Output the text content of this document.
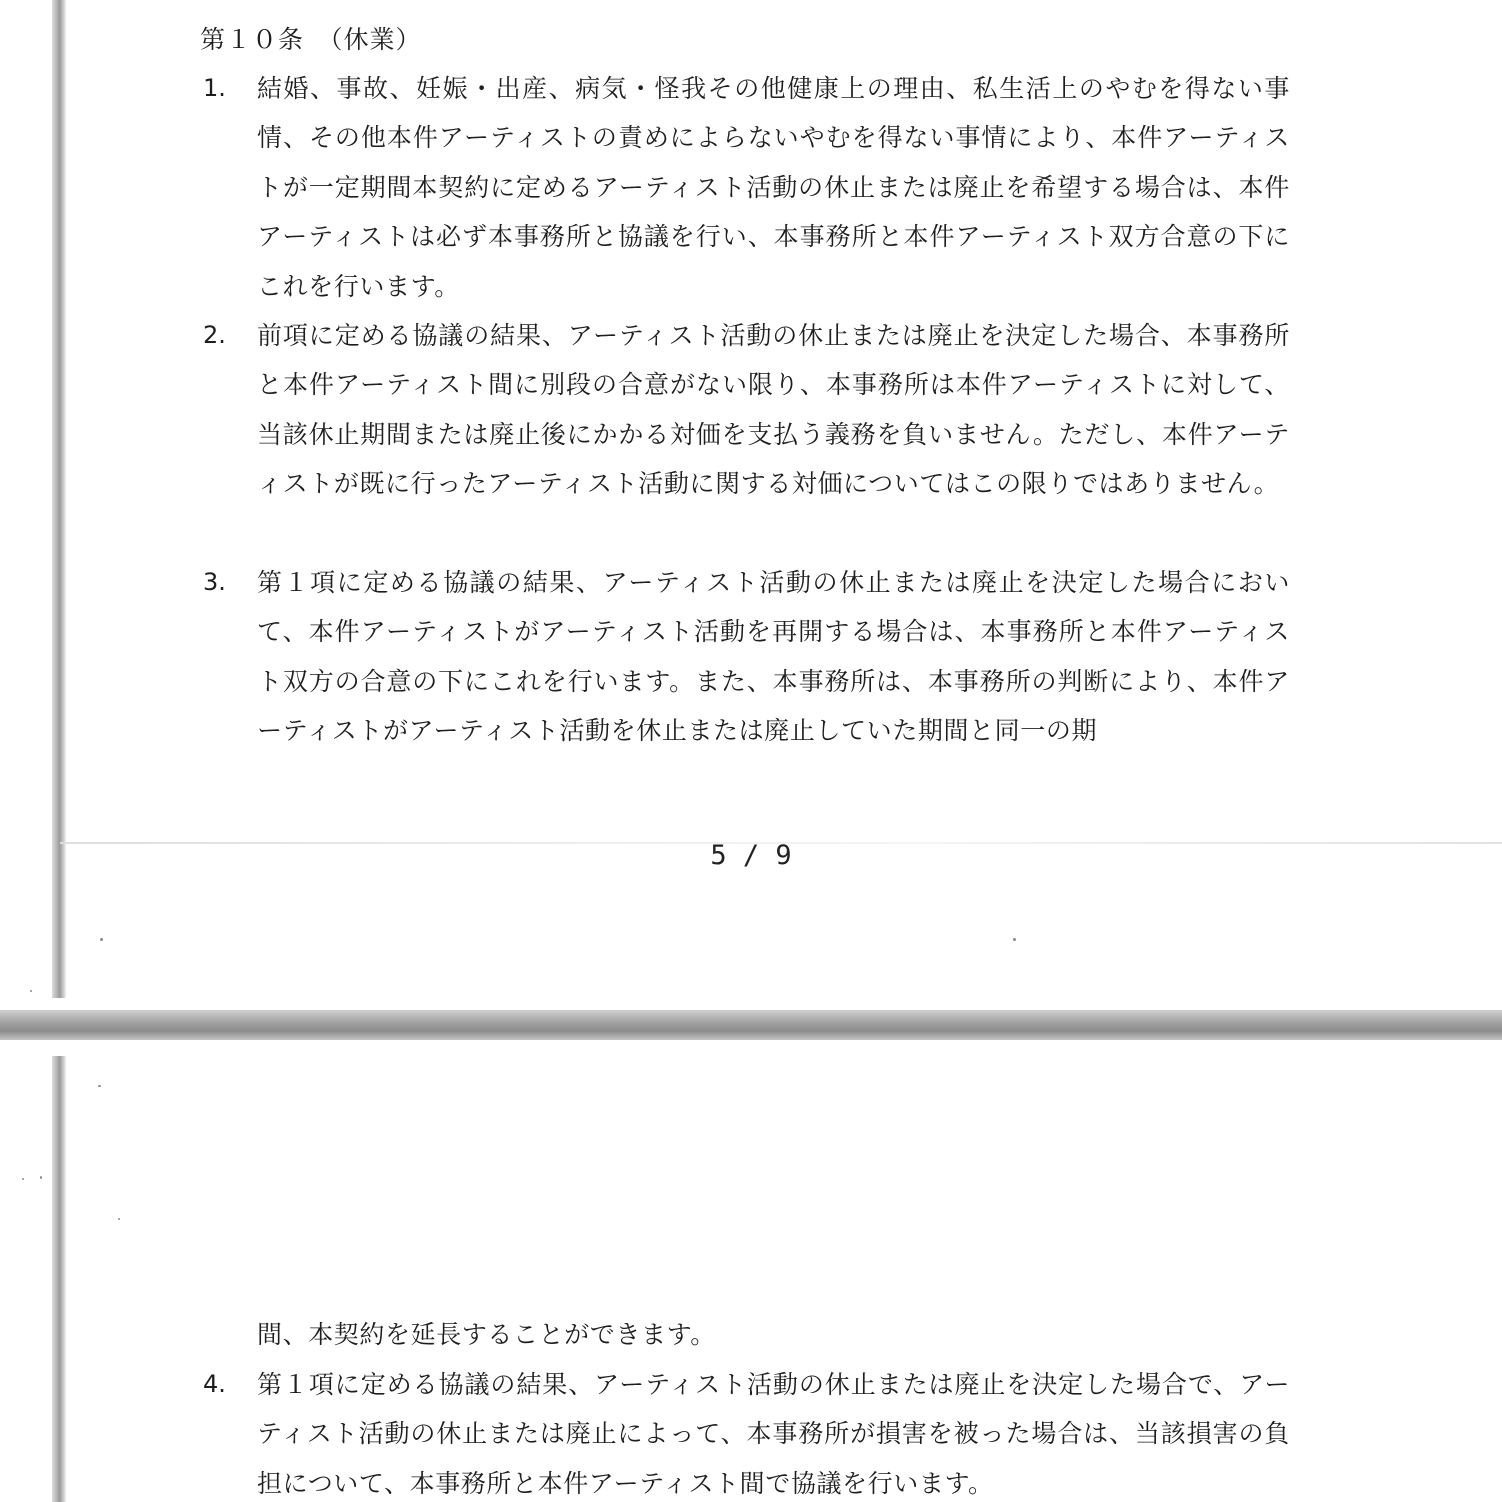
第１０条　（休業）
1. 結婚、事故、妊娠・出産、病気・怪我その他健康上の理由、私生活上のやむを得ない事情、その他本件アーティストの責めによらないやむを得ない事情により、本件アーティストが一定期間本契約に定めるアーティスト活動の休止または廃止を希望する場合は、本件アーティストは必ず本事務所と協議を行い、本事務所と本件アーティスト双方合意の下にこれを行います。

2. 前項に定める協議の結果、アーティスト活動の休止または廃止を決定した場合、本事務所と本件アーティスト間に別段の合意がない限り、本事務所は本件アーティストに対して、当該休止期間または廃止後にかかる対価を支払う義務を負いません。ただし、本件アーティストが既に行ったアーティスト活動に関する対価についてはこの限りではありません。

3. 第１項に定める協議の結果、アーティスト活動の休止または廃止を決定した場合において、本件アーティストがアーティスト活動を再開する場合は、本事務所と本件アーティスト双方の合意の下にこれを行います。また、本事務所は、本事務所の判断により、本件アーティストがアーティスト活動を休止または廃止していた期間と同一の期

5 / 9

間、本契約を延長することができます。

4. 第１項に定める協議の結果、アーティスト活動の休止または廃止を決定した場合で、アーティスト活動の休止または廃止によって、本事務所が損害を被った場合は、当該損害の負担について、本事務所と本件アーティスト間で協議を行います。
